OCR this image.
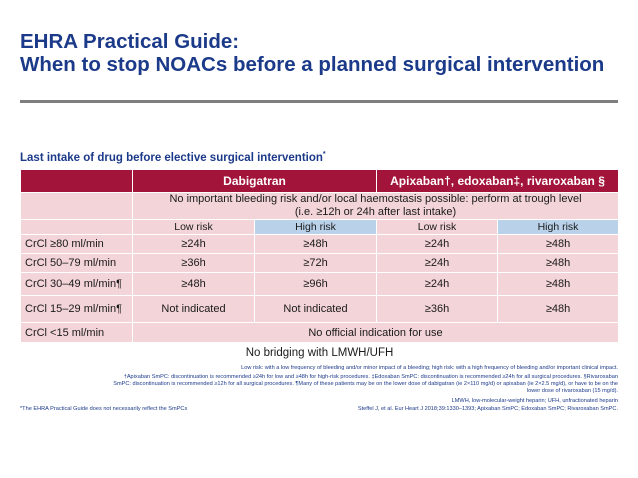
EHRA Practical Guide:
When to stop NOACs before a planned surgical intervention
Last intake of drug before elective surgical intervention*
	Dabigatran		Apixaban†, edoxaban‡, rivaroxaban §	

	No important bleeding risk and/or local haemostasis possible: perform at trough level
(i.e. ≥12h or 24h after last intake)			

	Low risk	High risk	Low risk	High risk
CrCl ≥80 ml/min	≥24h	≥48h	≥24h	≥48h
CrCl 50–79 ml/min	≥36h	≥72h	≥24h	≥48h
CrCl 30–49 ml/min¶	≥48h	≥96h	≥24h	≥48h
CrCl 15–29 ml/min¶	Not indicated	Not indicated	≥36h	≥48h
CrCl <15 ml/min	No official indication for use			
No bridging with LMWH/UFH				
Low risk: with a low frequency of bleeding and/or minor impact of a bleeding; high risk: with a high frequency of bleeding and/or important clinical impact.
†Apixaban SmPC: discontinuation is recommended ≥24h for low and ≥48h for high-risk procedures. ‡Edoxaban SmPC: discontinuation is recommended ≥24h for all surgical procedures. §Rivaroxaban
SmPC: discontinuation is recommended ≥12h for all surgical procedures. ¶Many of these patients may be on the lower dose of dabigatran (ie 2×110 mg/d) or apixaban (ie 2×2.5 mg/d), or have to be on the
lower dose of rivaroxaban (15 mg/d).
LMWH, low-molecular-weight heparin; UFH, unfractionated heparin
*The EHRA Practical Guide does not necessarily reflect the SmPCs	Steffel J, et al. Eur Heart J 2018;39:1330–1393; Apixaban SmPC; Edoxaban SmPC; Rivaroxaban SmPC.
